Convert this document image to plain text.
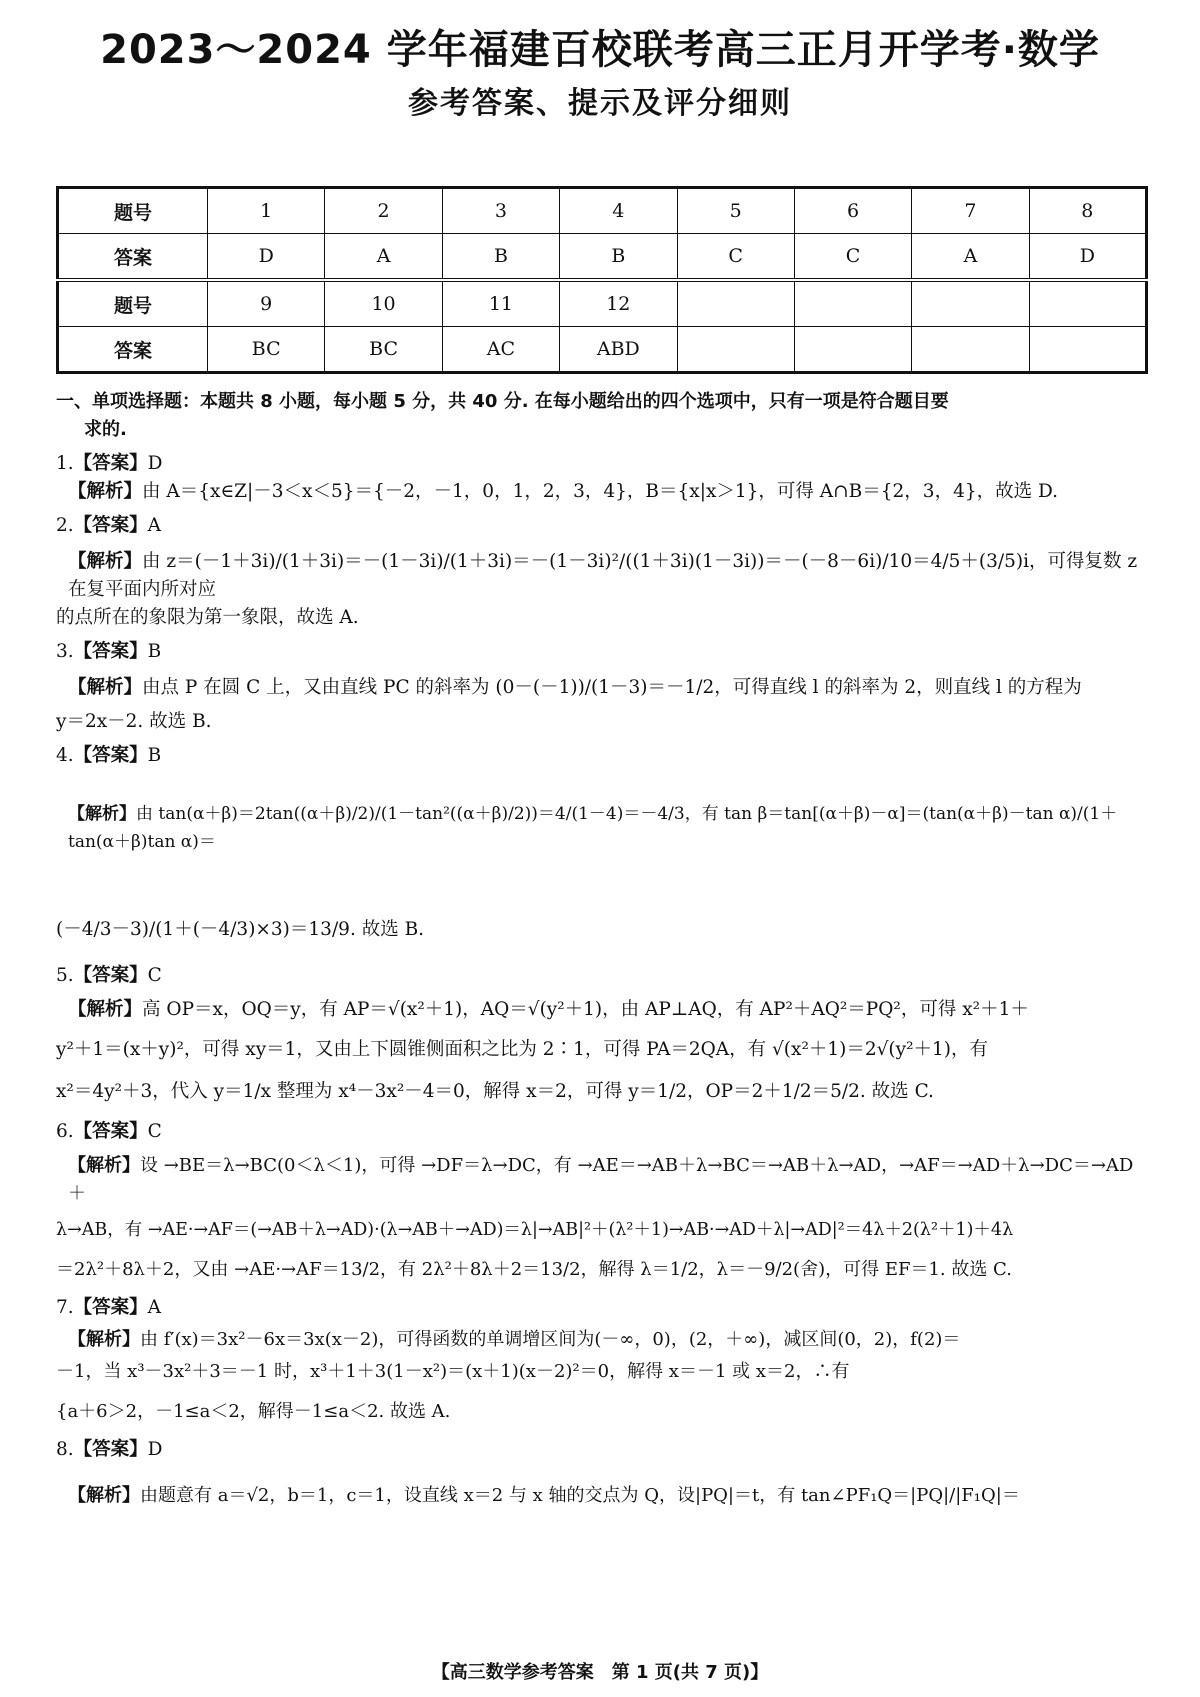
2023～2024 学年福建百校联考高三正月开学考·数学
参考答案、提示及评分细则
题号	1	2	3	4	5	6	7	8
答案	D	A	B	B	C	C	A	D
题号	9	10	11	12				
答案	BC	BC	AC	ABD				
一、单项选择题：本题共 8 小题，每小题 5 分，共 40 分. 在每小题给出的四个选项中，只有一项是符合题目要
求的.
1.【答案】D
【解析】由 A＝{x∈Z|－3＜x＜5}＝{－2，－1，0，1，2，3，4}，B＝{x|x＞1}，可得 A∩B＝{2，3，4}，故选 D.
2.【答案】A
【解析】由 z＝(－1＋3i)/(1＋3i)＝－(1－3i)/(1＋3i)＝－(1－3i)²/((1＋3i)(1－3i))＝－(－8－6i)/10＝4/5＋(3/5)i，可得复数 z 在复平面内所对应
的点所在的象限为第一象限，故选 A.
3.【答案】B
【解析】由点 P 在圆 C 上，又由直线 PC 的斜率为 (0－(－1))/(1－3)＝－1/2，可得直线 l 的斜率为 2，则直线 l 的方程为
y＝2x－2. 故选 B.
4.【答案】B
【解析】由 tan(α＋β)＝2tan((α＋β)/2)/(1－tan²((α＋β)/2))＝4/(1－4)＝－4/3，有 tan β＝tan[(α＋β)－α]＝(tan(α＋β)－tan α)/(1＋tan(α＋β)tan α)＝
(－4/3－3)/(1＋(－4/3)×3)＝13/9. 故选 B.
5.【答案】C
【解析】高 OP＝x，OQ＝y，有 AP＝√(x²＋1)，AQ＝√(y²＋1)，由 AP⊥AQ，有 AP²＋AQ²＝PQ²，可得 x²＋1＋
y²＋1＝(x＋y)²，可得 xy＝1，又由上下圆锥侧面积之比为 2∶1，可得 PA＝2QA，有 √(x²＋1)＝2√(y²＋1)，有
x²＝4y²＋3，代入 y＝1/x 整理为 x⁴－3x²－4＝0，解得 x＝2，可得 y＝1/2，OP＝2＋1/2＝5/2. 故选 C.
6.【答案】C
【解析】设 →BE＝λ→BC(0＜λ＜1)，可得 →DF＝λ→DC，有 →AE＝→AB＋λ→BC＝→AB＋λ→AD，→AF＝→AD＋λ→DC＝→AD＋
λ→AB，有 →AE·→AF＝(→AB＋λ→AD)·(λ→AB＋→AD)＝λ|→AB|²＋(λ²＋1)→AB·→AD＋λ|→AD|²＝4λ＋2(λ²＋1)＋4λ
＝2λ²＋8λ＋2，又由 →AE·→AF＝13/2，有 2λ²＋8λ＋2＝13/2，解得 λ＝1/2，λ＝－9/2(舍)，可得 EF＝1. 故选 C.
7.【答案】A
【解析】由 f′(x)＝3x²－6x＝3x(x－2)，可得函数的单调增区间为(－∞，0)，(2，＋∞)，减区间(0，2)，f(2)＝
－1，当 x³－3x²＋3＝－1 时，x³＋1＋3(1－x²)＝(x＋1)(x－2)²＝0，解得 x＝－1 或 x＝2，∴有
{a＋6＞2，－1≤a＜2，解得－1≤a＜2. 故选 A.
8.【答案】D
【解析】由题意有 a＝√2，b＝1，c＝1，设直线 x＝2 与 x 轴的交点为 Q，设|PQ|＝t，有 tan∠PF₁Q＝|PQ|/|F₁Q|＝
【高三数学参考答案　第 1 页(共 7 页)】
